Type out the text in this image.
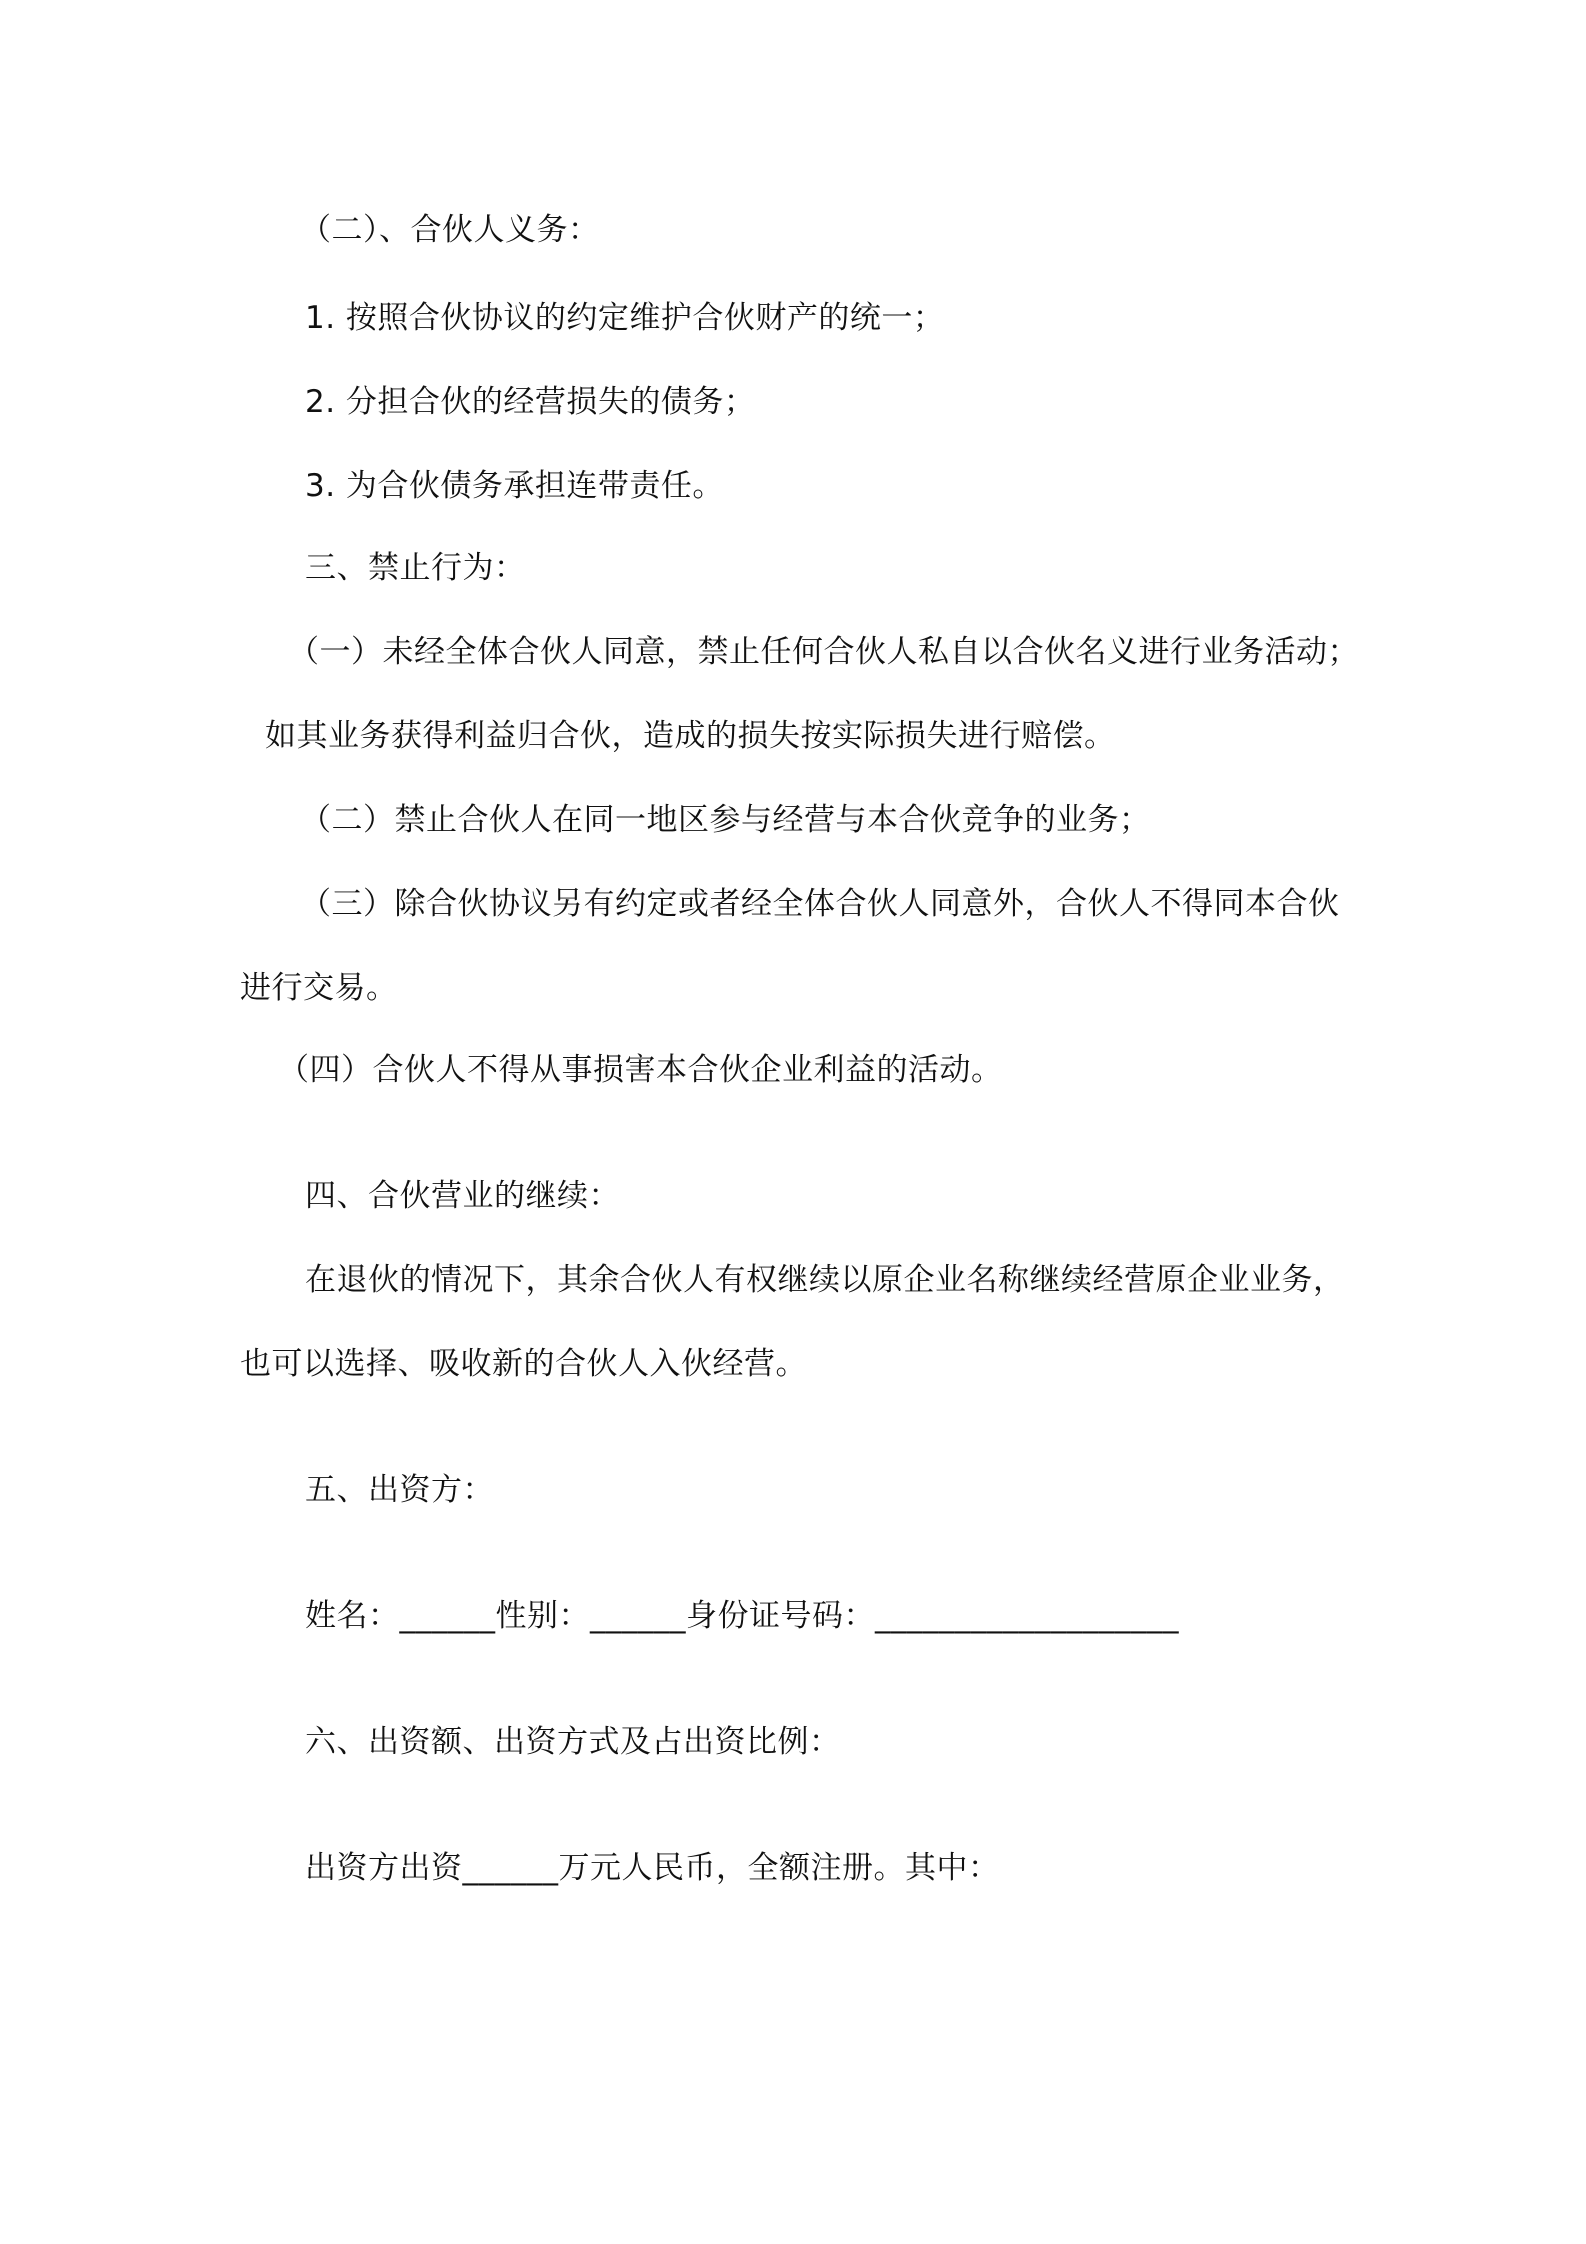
（二）、合伙人义务：
1. 按照合伙协议的约定维护合伙财产的统一；
2. 分担合伙的经营损失的债务；
3. 为合伙债务承担连带责任。
三、禁止行为：
（一）未经全体合伙人同意，禁止任何合伙人私自以合伙名义进行业务活动；
如其业务获得利益归合伙，造成的损失按实际损失进行赔偿。
（二）禁止合伙人在同一地区参与经营与本合伙竞争的业务；
（三）除合伙协议另有约定或者经全体合伙人同意外，合伙人不得同本合伙
进行交易。
（四）合伙人不得从事损害本合伙企业利益的活动。
四、合伙营业的继续：
在退伙的情况下，其余合伙人有权继续以原企业名称继续经营原企业业务，
也可以选择、吸收新的合伙人入伙经营。
五、出资方：
姓名：______性别：______身份证号码：___________________
六、出资额、出资方式及占出资比例：
出资方出资______万元人民币，全额注册。其中：
